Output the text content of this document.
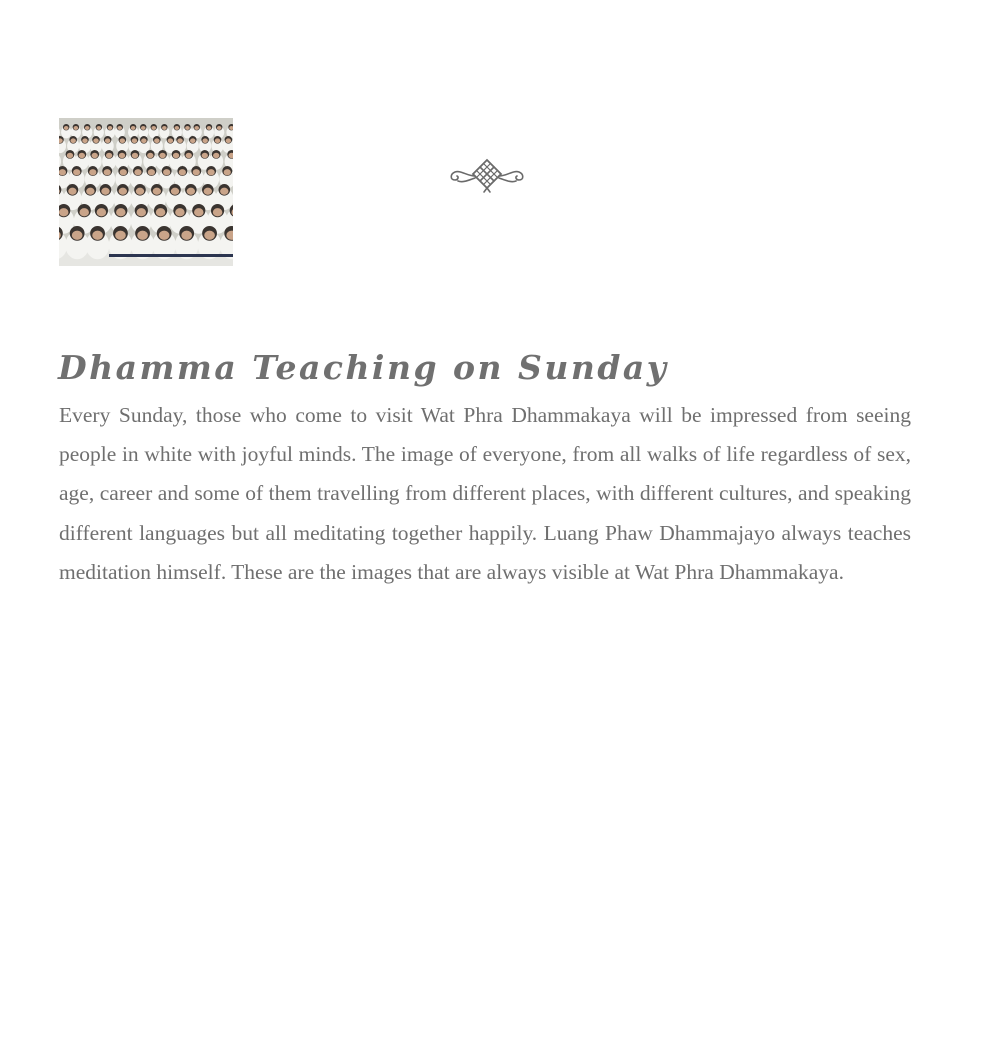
Dhamma Teaching on Sunday

Every Sunday, those who come to visit Wat Phra Dhammakaya will be impressed from seeing people in white with joyful minds. The image of everyone, from all walks of life regardless of sex, age, career and some of them travelling from different places, with different cultures, and speaking different languages but all meditating together happily. Luang Phaw Dhammajayo always teaches meditation himself. These are the images that are always visible at Wat Phra Dhammakaya.
